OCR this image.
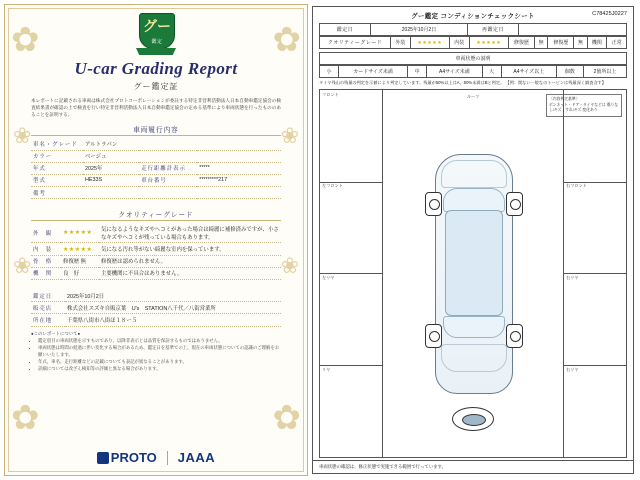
✿	✿
✿	✿
❀	❀
❀	❀
グー
鑑定
U-car Grading Report
グー鑑定証
本レポートに記載される車両は株式会社プロトコーポレーションが委託する特定非営利活動法人日本自動車鑑定協会の検査結果書が確認の上で検査を行い特定非営利活動法人日本自動車鑑定協会の定める基準により車両状態を行ったもののあることを証明する。
車両履行内容
車名・グレード	アルトラパン		
カラー	ベージュ		
年式	2025年	走行距離計表示	*****
型式	HE33S	車台番号	*********217
備考			
クオリティーグレード
外　観	★★★★★	気になるようなキズやへコミがあった場合は綺麗に補修済みですが、小さなキズやヘコミが残っている場合もあります。
内　装	★★★★★	気になる汚れ等がない綺麗な室内を保っています。
骨　格	修復歴 無	修復歴は認められません。
機　関	良　好	主要機関に不具合はありません。
鑑定日	2025年10月2日
販売店	株式会社スズキ自販京葉　U's　STATION八千代／八街営業所
所在地	千葉県八街市八街ほ１８ー５
●このレポートについて●
• 鑑定項目の車両状態を示すものであり、以降非表示とは品質を保証するものではありません。
• 車両状態は時間の経過に伴い変化する場合があるため、鑑定日を基準での上、現在の車両状態についての認識のご理解をお願いいたします。
• 年式、車名、走行距離などの記載についても表記が異なることがあります。
• 詳細については改ざん検知等の評価と異なる場合があります。
PROTO JAAA
グー鑑定 コンディションチェックシート	C78425J0227
鑑定日	2025年10月2日	再鑑定日	
クオリティーグレード	外装	★★★★★	内装	★★★★★	修復歴	無	修復歴	無	機関	正常
車両状態の説明
小	カードサイズ未満	中	A4サイズ未満	大	A4サイズ以上	個数	2箇所以上
タイヤ残山の残量の判定を示値により判定しています。残量が50%以上はA、50%未満はBと判定。 【例：関ない一般なのトーピンは残量深く調査含す】
〈内容判定基準〉
ボンネット・ドア・タイヤなどは 傷りなし/キズ・すれ/キズ 変化あり
フロント
左フロント
左リヤ
リヤ
ルーフ
右フロント
右リヤ
右リヤ
車両状態の確認は、修正状態で実施できる範囲で行っています。
